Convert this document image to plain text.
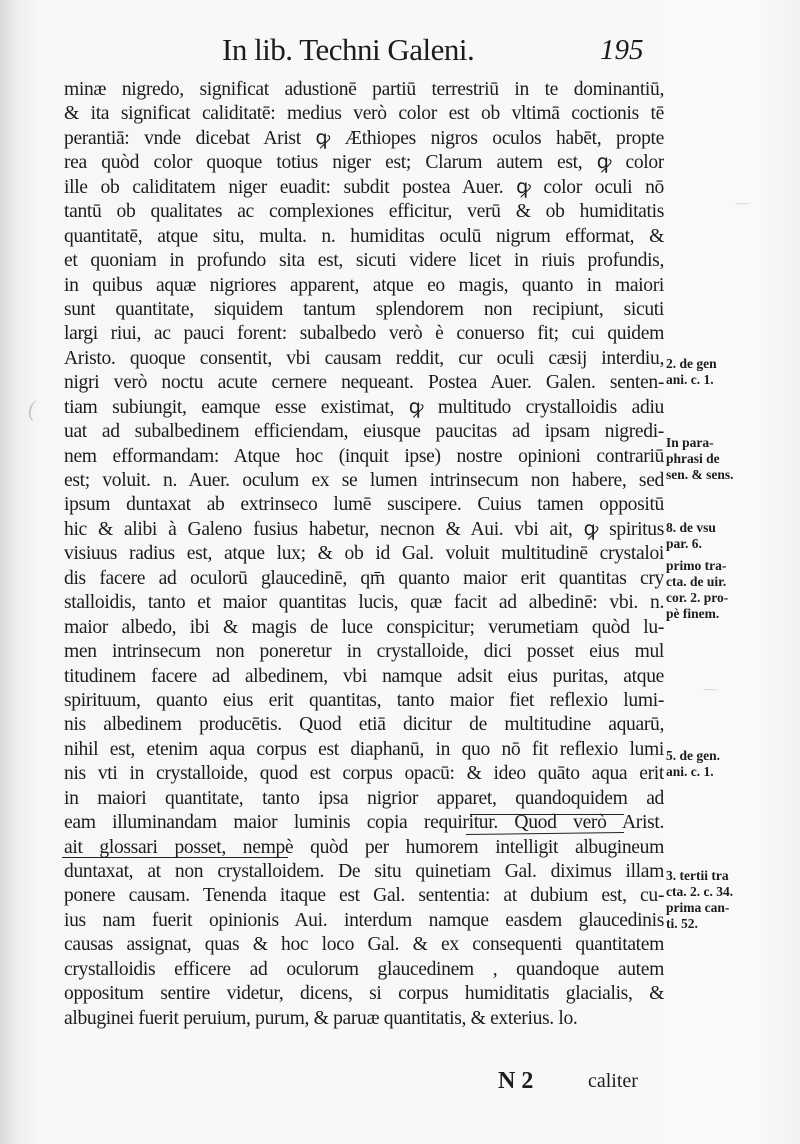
—
—
(
In lib. Techni Galeni.	195
minæ nigredo, significat adustionē partiū terrestriū in te dominantiū,
& ita significat caliditatē: medius verò color est ob vltimā coctionis tē
perantiā: vnde dicebat Arist ꝙ Æthiopes nigros oculos habēt, propte
rea quòd color quoque totius niger est; Clarum autem est, ꝙ color
ille ob caliditatem niger euadit: subdit postea Auer. ꝙ color oculi nō
tantū ob qualitates ac complexiones efficitur, verū & ob humiditatis
quantitatē, atque situ, multa. n. humiditas oculū nigrum efformat, &
et quoniam in profundo sita est, sicuti videre licet in riuis profundis,
in quibus aquæ nigriores apparent, atque eo magis, quanto in maiori
sunt quantitate, siquidem tantum splendorem non recipiunt, sicuti
largi riui, ac pauci forent: subalbedo verò è conuerso fit; cui quidem
Aristo. quoque consentit, vbi causam reddit, cur oculi cæsij interdiu,
nigri verò noctu acute cernere nequeant. Postea Auer. Galen. senten-
tiam subiungit, eamque esse existimat, ꝙ multitudo crystalloidis adiu
uat ad subalbedinem efficiendam, eiusque paucitas ad ipsam nigredi-
nem efformandam: Atque hoc (inquit ipse) nostre opinioni contrariū
est; voluit. n. Auer. oculum ex se lumen intrinsecum non habere, sed
ipsum duntaxat ab extrinseco lumē suscipere. Cuius tamen oppositū
hic & alibi à Galeno fusius habetur, necnon & Aui. vbi ait, ꝙ spiritus
visiuus radius est, atque lux; & ob id Gal. voluit multitudinē crystaloi
dis facere ad oculorū glaucedinē, qm̄ quanto maior erit quantitas cry
stalloidis, tanto et maior quantitas lucis, quæ facit ad albedinē: vbi. n.
maior albedo, ibi & magis de luce conspicitur; verumetiam quòd lu-
men intrinsecum non poneretur in crystalloide, dici posset eius mul
titudinem facere ad albedinem, vbi namque adsit eius puritas, atque
spirituum, quanto eius erit quantitas, tanto maior fiet reflexio lumi-
nis albedinem producētis. Quod etiā dicitur de multitudine aquarū,
nihil est, etenim aqua corpus est diaphanū, in quo nō fit reflexio lumi
nis vti in crystalloide, quod est corpus opacū: & ideo quāto aqua erit
in maiori quantitate, tanto ipsa nigrior apparet, quandoquidem ad
eam illuminandam maior luminis copia requiritur. Quod verò Arist.
ait glossari posset, nempè quòd per humorem intelligit albugineum
duntaxat, at non crystalloidem. De situ quinetiam Gal. diximus illam
ponere causam. Tenenda itaque est Gal. sententia: at dubium est, cu-
ius nam fuerit opinionis Aui. interdum namque easdem glaucedinis
causas assignat, quas & hoc loco Gal. & ex consequenti quantitatem
crystalloidis efficere ad oculorum glaucedinem , quandoque autem
oppositum sentire videtur, dicens, si corpus humiditatis glacialis, &
albuginei fuerit peruium, purum, & paruæ quantitatis, & exterius. lo.
2. de gen
ani. c. 1.
In para-
phrasi de
sen. & sens.
8. de vsu
par. 6.
primo tra-
cta. de uir.
cor. 2. pro-
pè finem.
5. de gen.
ani. c. 1.
3. tertii tra
cta. 2. c. 34.
prima can-
ti. 52.
N 2	caliter
